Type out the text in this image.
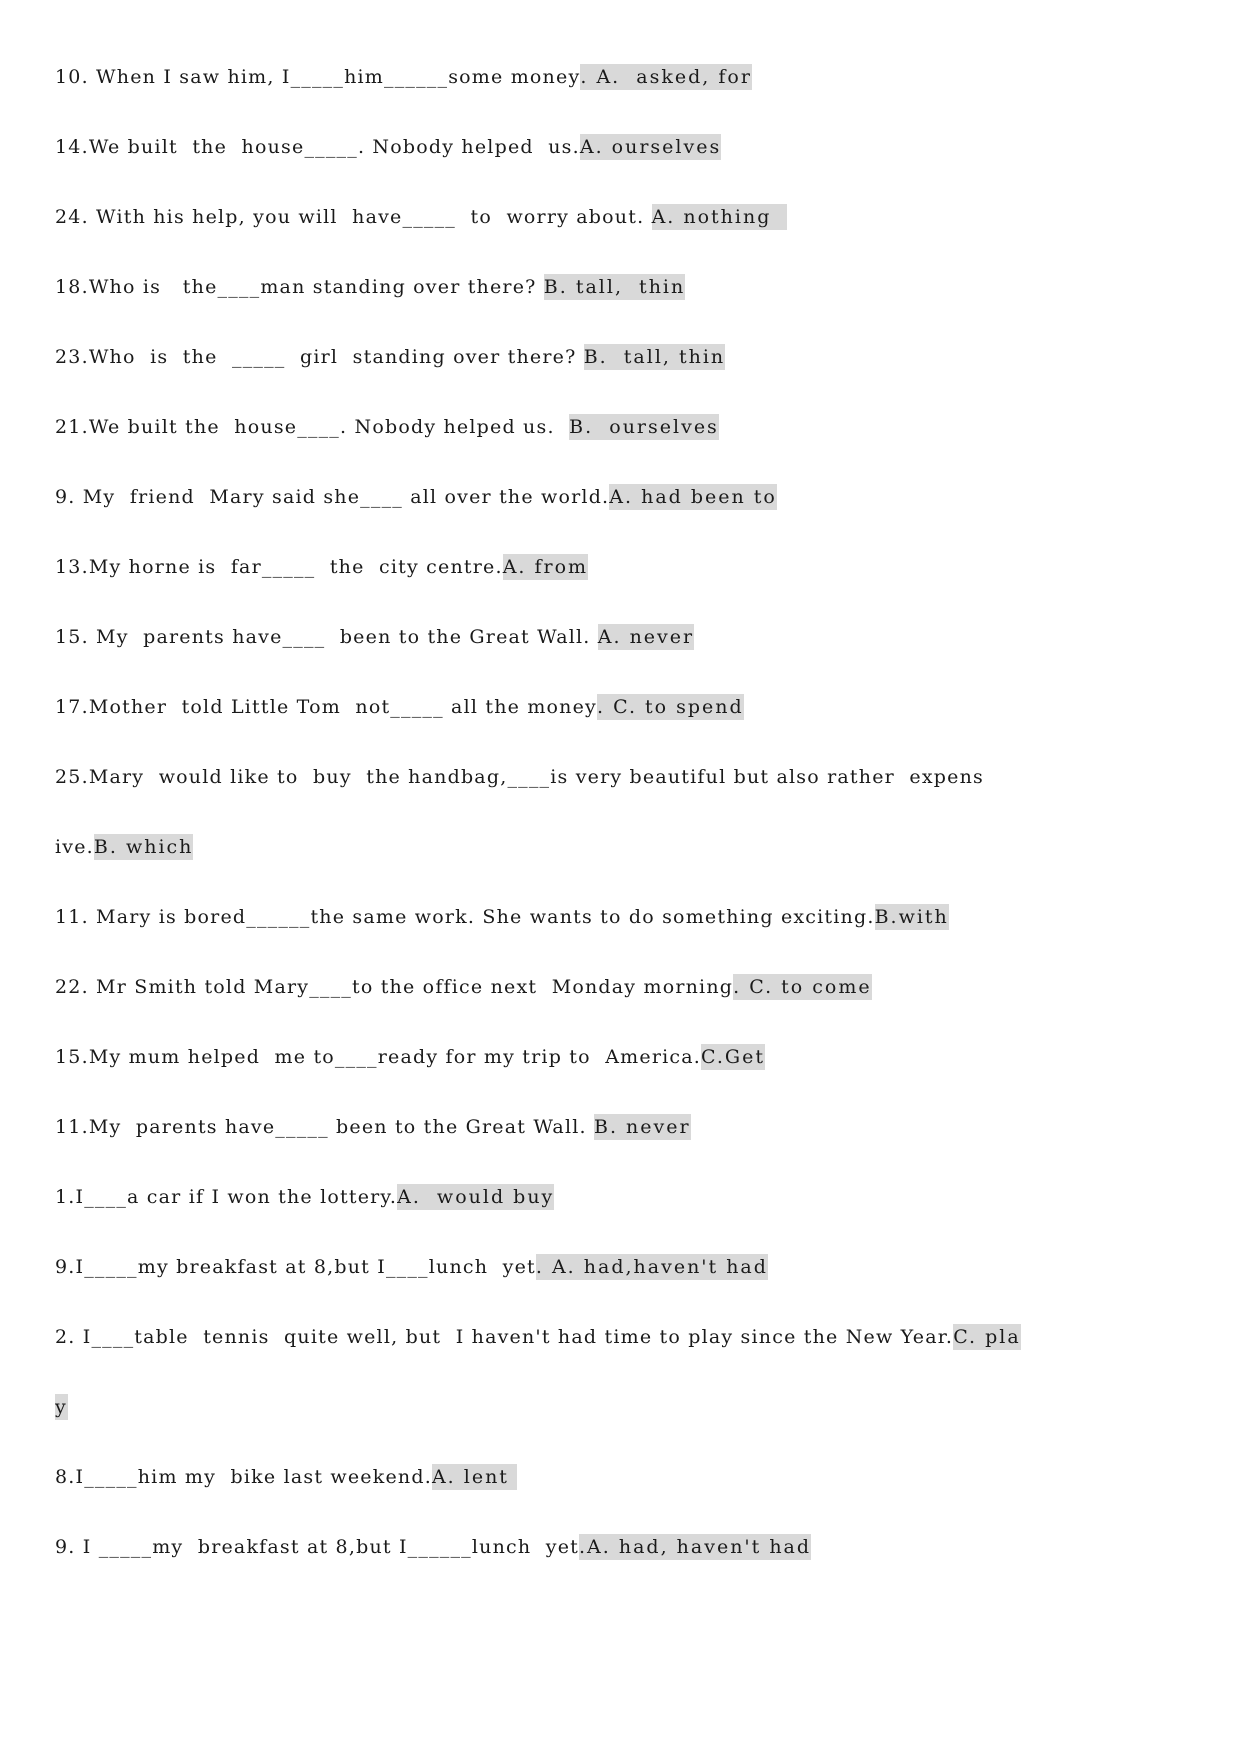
10. When I saw him, I_____him______some money. A.  asked, for
14.We built  the  house_____. Nobody helped  us.A. ourselves
24. With his help, you will  have_____  to  worry about. A. nothing
18.Who is   the____man standing over there? B. tall,  thin
23.Who  is  the  _____  girl  standing over there? B.  tall, thin
21.We built the  house____. Nobody helped us.  B.  ourselves
9. My  friend  Mary said she____ all over the world.A. had been to
13.My horne is  far_____  the  city centre.A. from
15. My  parents have____  been to the Great Wall. A. never
17.Mother  told Little Tom  not_____ all the money. C. to spend
25.Mary  would like to  buy  the handbag,____is very beautiful but also rather  expens
ive.B. which
11. Mary is bored______the same work. She wants to do something exciting.B.with
22. Mr Smith told Mary____to the office next  Monday morning. C. to come
15.My mum helped  me to____ready for my trip to  America.C.Get
11.My  parents have_____ been to the Great Wall. B. never
1.I____a car if I won the lottery.A.  would buy
9.I_____my breakfast at 8,but I____lunch  yet. A. had,haven't had
2. I____table  tennis  quite well, but  I haven't had time to play since the New Year.C. pla
y
8.I_____him my  bike last weekend.A. lent
9. I _____my  breakfast at 8,but I______lunch  yet.A. had, haven't had
